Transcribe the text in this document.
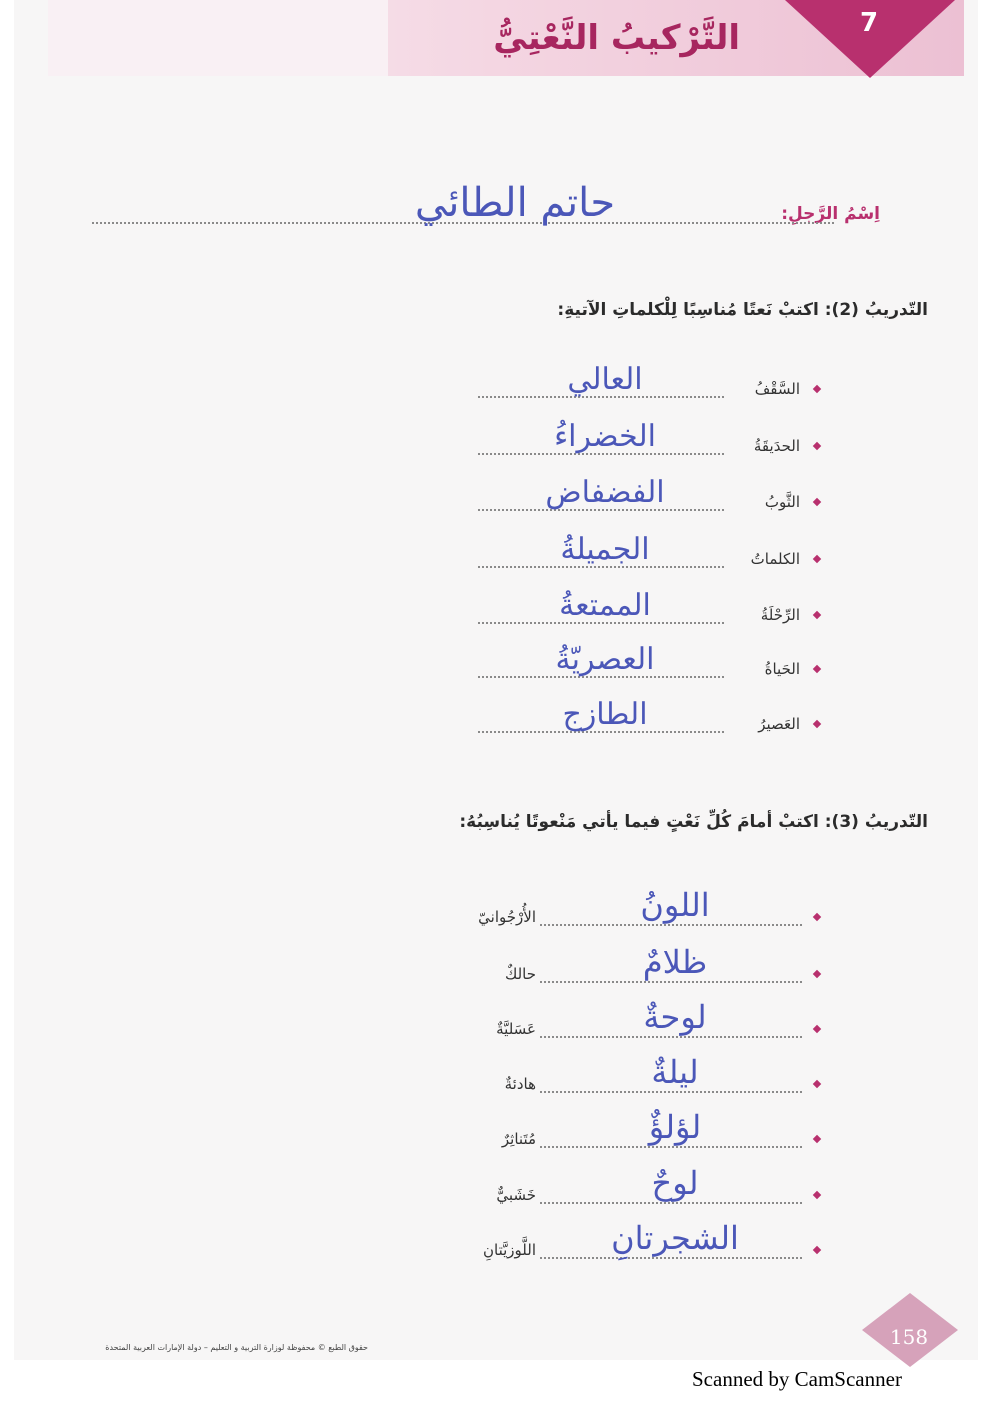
7
التَّرْكيبُ النَّعْتِيُّ
اِسْمُ الرَّجلِ:
حاتم الطائي
التّدريبُ (2): اكتبْ نَعتًا مُناسِبًا لِلْكلماتِ الآتيةِ:
السَّقْفُ
العالي
الحدَيقَةُ
الخضراءُ
الثَّوبُ
الفضفاض
الكلماتُ
الجميلةُ
الرِّحْلَةُ
الممتعةُ
الحَياةُ
العصريّةُ
العَصيرُ
الطازج
التّدريبُ (3): اكتبْ أمامَ كُلِّ نَعْتٍ فيما يأتي مَنْعوتًا يُناسِبُهُ:
اللونُ
الأُرْجُوانيّ
ظلامٌ
حالكٌ
لوحةٌ
عَسَليَّةٌ
ليلةٌ
هادئةٌ
لؤلؤٌ
مُتَناثِرٌ
لوحٌ
خَشَبيٌّ
الشجرتانِ
اللَّوزيَّتانِ
158
حقوق الطبع © محفوظة لوزارة التربية و التعليم – دولة الإمارات العربية المتحدة
Scanned by CamScanner
